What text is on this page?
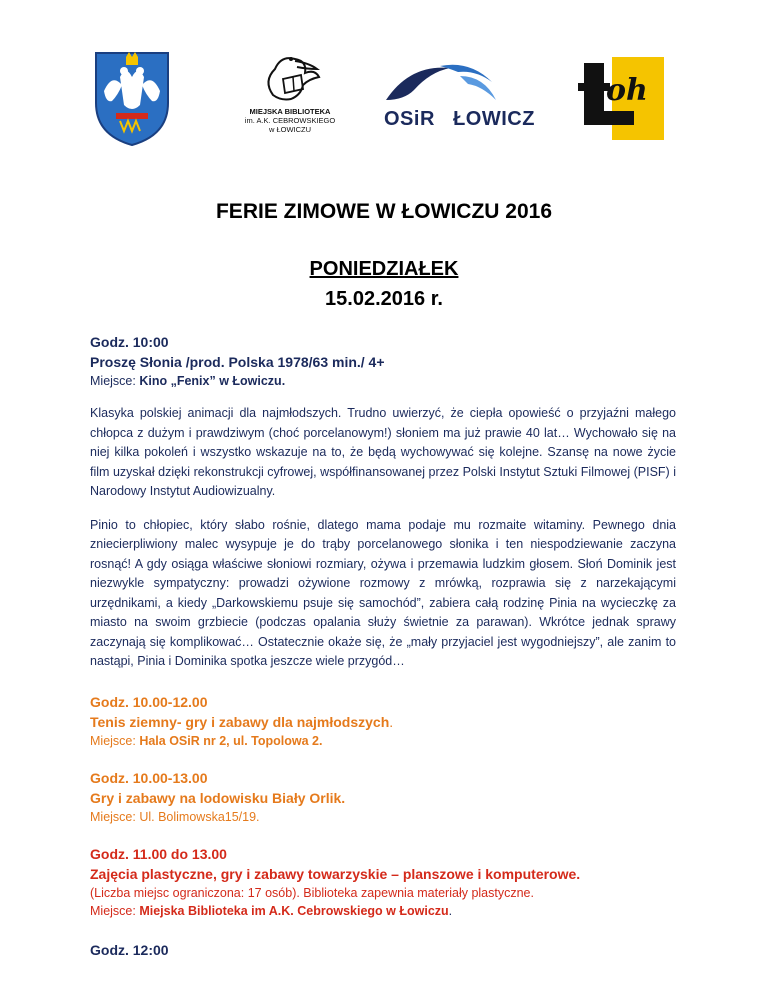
MIEJSKA BIBLIOTEKA
im. A.K. CEBROWSKIEGO
w ŁOWICZU	OSiR ŁOWICZ
oh
FERIE ZIMOWE W ŁOWICZU 2016
PONIEDZIAŁEK
15.02.2016 r.

Godz. 10:00

Proszę Słonia /prod. Polska 1978/63 min./ 4+

Miejsce: Kino „Fenix” w Łowiczu.

Klasyka polskiej animacji dla najmłodszych. Trudno uwierzyć, że ciepła opowieść o przyjaźni małego chłopca z dużym i prawdziwym (choć porcelanowym!) słoniem ma już prawie 40 lat… Wychowało się na niej kilka pokoleń i wszystko wskazuje na to, że będą wychowywać się kolejne. Szansę na nowe życie film uzyskał dzięki rekonstrukcji cyfrowej, współfinansowanej przez Polski Instytut Sztuki Filmowej (PISF) i Narodowy Instytut Audiowizualny.

Pinio to chłopiec, który słabo rośnie, dlatego mama podaje mu rozmaite witaminy. Pewnego dnia zniecierpliwiony malec wysypuje je do trąby porcelanowego słonika i ten niespodziewanie zaczyna rosnąć! A gdy osiąga właściwe słoniowi rozmiary, ożywa i przemawia ludzkim głosem. Słoń Dominik jest niezwykle sympatyczny: prowadzi ożywione rozmowy z mrówką, rozprawia się z narzekającymi urzędnikami, a kiedy „Darkowskiemu psuje się samochód”, zabiera całą rodzinę Pinia na wycieczkę za miasto na swoim grzbiecie (podczas opalania służy świetnie za parawan). Wkrótce jednak sprawy zaczynają się komplikować… Ostatecznie okaże się, że „mały przyjaciel jest wygodniejszy”, ale zanim to nastąpi, Pinia i Dominika spotka jeszcze wiele przygód…

Godz. 10.00-12.00

Tenis ziemny- gry i zabawy dla najmłodszych.

Miejsce: Hala OSiR nr 2, ul. Topolowa 2.

Godz. 10.00-13.00

Gry i zabawy na lodowisku Biały Orlik.

Miejsce: Ul. Bolimowska15/19.

Godz. 11.00 do 13.00

Zajęcia plastyczne, gry i zabawy towarzyskie – planszowe i komputerowe.

(Liczba miejsc ograniczona: 17 osób). Biblioteka zapewnia materiały plastyczne.

Miejsce: Miejska Biblioteka im A.K. Cebrowskiego w Łowiczu.

Godz. 12:00
